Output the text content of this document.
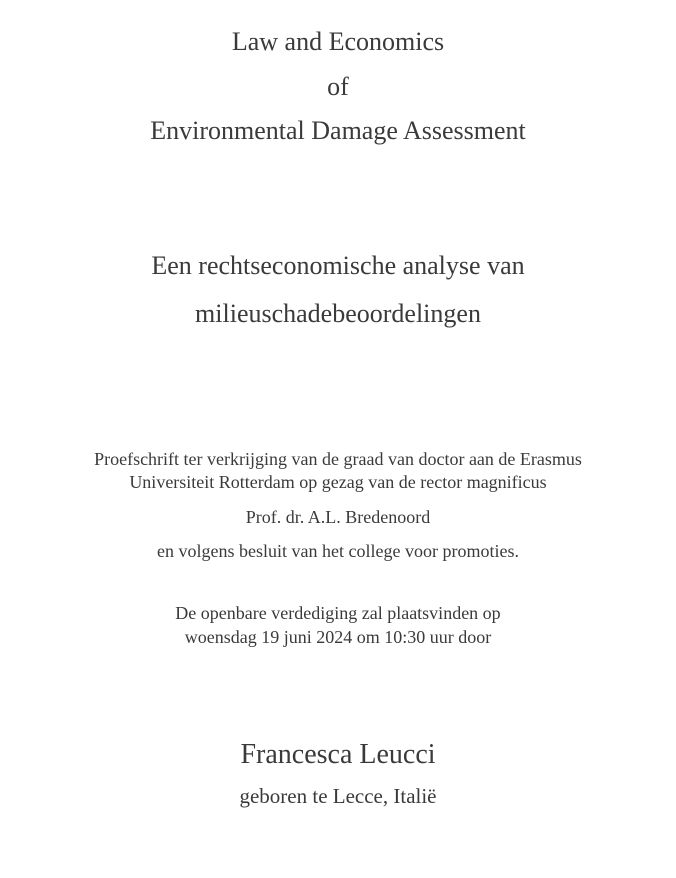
Law and Economics

of

Environmental Damage Assessment

Een rechtseconomische analyse van

milieuschadebeoordelingen

Proefschrift ter verkrijging van de graad van doctor aan de Erasmus

Universiteit Rotterdam op gezag van de rector magnificus

Prof. dr. A.L. Bredenoord

en volgens besluit van het college voor promoties.

De openbare verdediging zal plaatsvinden op

woensdag 19 juni 2024 om 10:30 uur door

Francesca Leucci

geboren te Lecce, Italië
